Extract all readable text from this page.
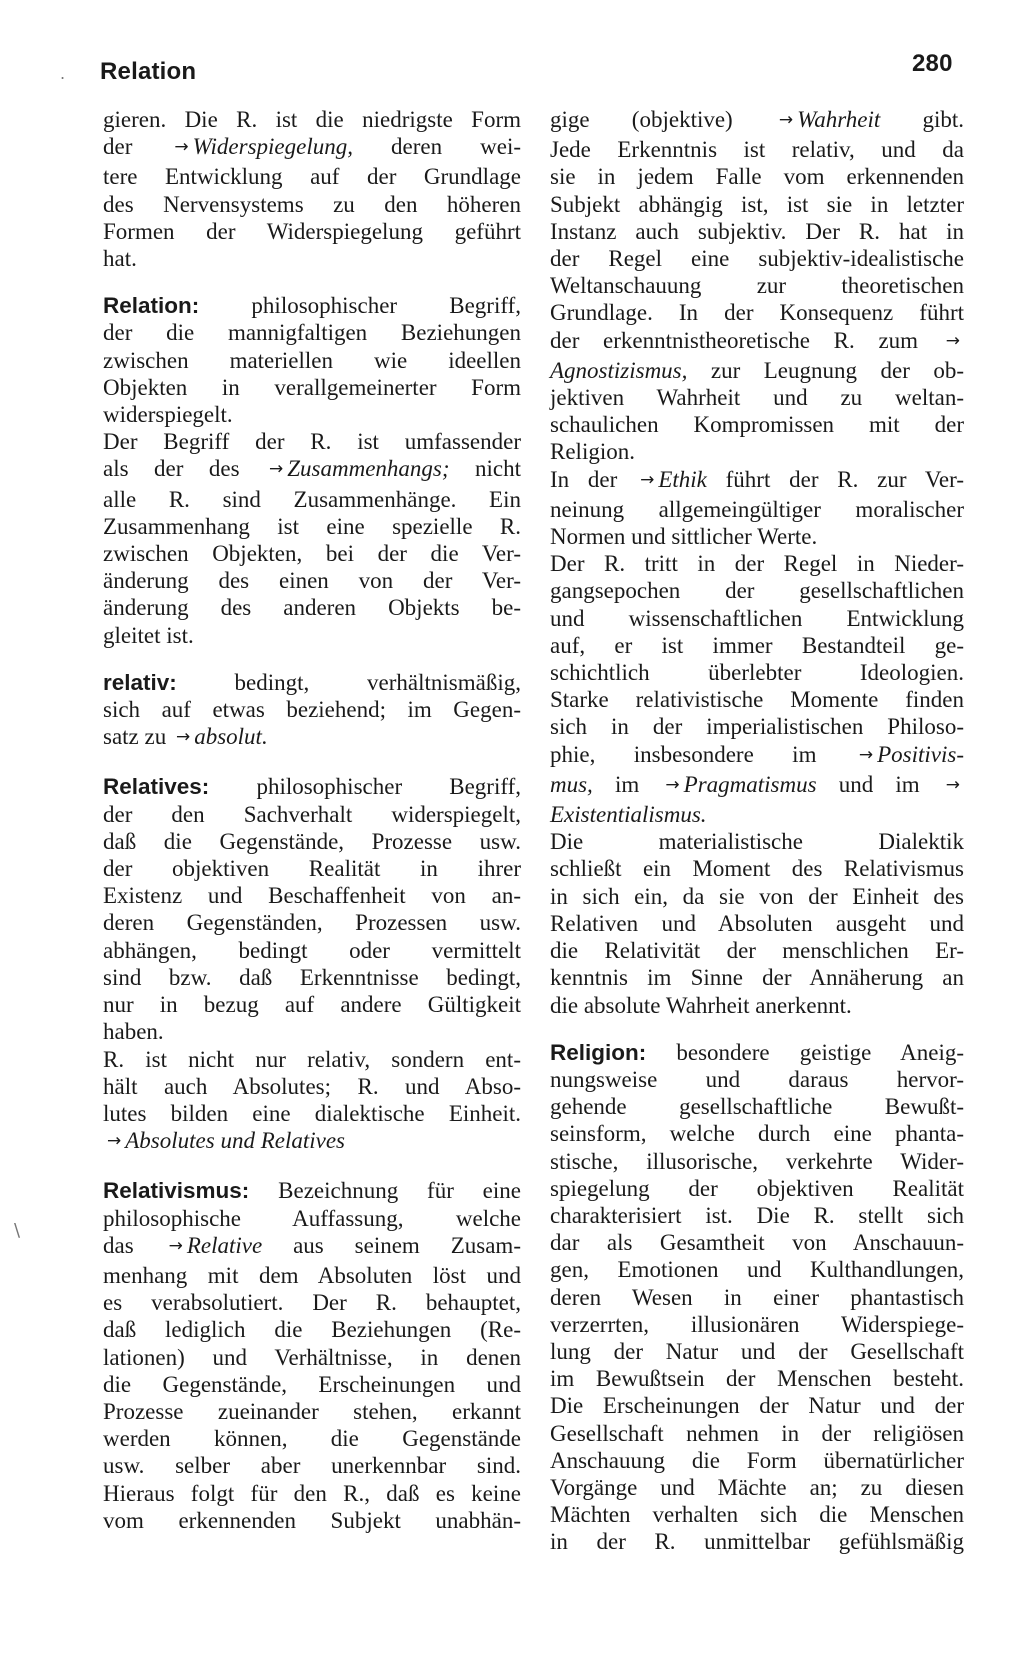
Relation	280
.
\

gieren. Die R. ist die niedrigste Form

der → Widerspiegelung, deren wei-

tere Entwicklung auf der Grundlage

des Nervensystems zu den höheren

Formen der Widerspiegelung geführt

hat.

Relation: philosophischer Begriff,

der die mannigfaltigen Beziehungen

zwischen materiellen wie ideellen

Objekten in verallgemeinerter Form

widerspiegelt.

Der Begriff der R. ist umfassender

als der des → Zusammenhangs; nicht

alle R. sind Zusammenhänge. Ein

Zusammenhang ist eine spezielle R.

zwischen Objekten, bei der die Ver-

änderung des einen von der Ver-

änderung des anderen Objekts be-

gleitet ist.

relativ: bedingt, verhältnismäßig,

sich auf etwas beziehend; im Gegen-

satz zu → absolut.

Relatives: philosophischer Begriff,

der den Sachverhalt widerspiegelt,

daß die Gegenstände, Prozesse usw.

der objektiven Realität in ihrer

Existenz und Beschaffenheit von an-

deren Gegenständen, Prozessen usw.

abhängen, bedingt oder vermittelt

sind bzw. daß Erkenntnisse bedingt,

nur in bezug auf andere Gültigkeit

haben.

R. ist nicht nur relativ, sondern ent-

hält auch Absolutes; R. und Abso-

lutes bilden eine dialektische Einheit.

→ Absolutes und Relatives

Relativismus: Bezeichnung für eine

philosophische Auffassung, welche

das → Relative aus seinem Zusam-

menhang mit dem Absoluten löst und

es verabsolutiert. Der R. behauptet,

daß lediglich die Beziehungen (Re-

lationen) und Verhältnisse, in denen

die Gegenstände, Erscheinungen und

Prozesse zueinander stehen, erkannt

werden können, die Gegenstände

usw. selber aber unerkennbar sind.

Hieraus folgt für den R., daß es keine

vom erkennenden Subjekt unabhän-

gige (objektive) → Wahrheit gibt.

Jede Erkenntnis ist relativ, und da

sie in jedem Falle vom erkennenden

Subjekt abhängig ist, ist sie in letzter

Instanz auch subjektiv. Der R. hat in

der Regel eine subjektiv-idealistische

Weltanschauung zur theoretischen

Grundlage. In der Konsequenz führt

der erkenntnistheoretische R. zum →

Agnostizismus, zur Leugnung der ob-

jektiven Wahrheit und zu weltan-

schaulichen Kompromissen mit der

Religion.

In der → Ethik führt der R. zur Ver-

neinung allgemeingültiger moralischer

Normen und sittlicher Werte.

Der R. tritt in der Regel in Nieder-

gangsepochen der gesellschaftlichen

und wissenschaftlichen Entwicklung

auf, er ist immer Bestandteil ge-

schichtlich überlebter Ideologien.

Starke relativistische Momente finden

sich in der imperialistischen Philoso-

phie, insbesondere im → Positivis-

mus, im → Pragmatismus und im →

Existentialismus.

Die materialistische Dialektik

schließt ein Moment des Relativismus

in sich ein, da sie von der Einheit des

Relativen und Absoluten ausgeht und

die Relativität der menschlichen Er-

kenntnis im Sinne der Annäherung an

die absolute Wahrheit anerkennt.

Religion: besondere geistige Aneig-

nungsweise und daraus hervor-

gehende gesellschaftliche Bewußt-

seinsform, welche durch eine phanta-

stische, illusorische, verkehrte Wider-

spiegelung der objektiven Realität

charakterisiert ist. Die R. stellt sich

dar als Gesamtheit von Anschauun-

gen, Emotionen und Kulthandlungen,

deren Wesen in einer phantastisch

verzerrten, illusionären Widerspiege-

lung der Natur und der Gesellschaft

im Bewußtsein der Menschen besteht.

Die Erscheinungen der Natur und der

Gesellschaft nehmen in der religiösen

Anschauung die Form übernatürlicher

Vorgänge und Mächte an; zu diesen

Mächten verhalten sich die Menschen

in der R. unmittelbar gefühlsmäßig
